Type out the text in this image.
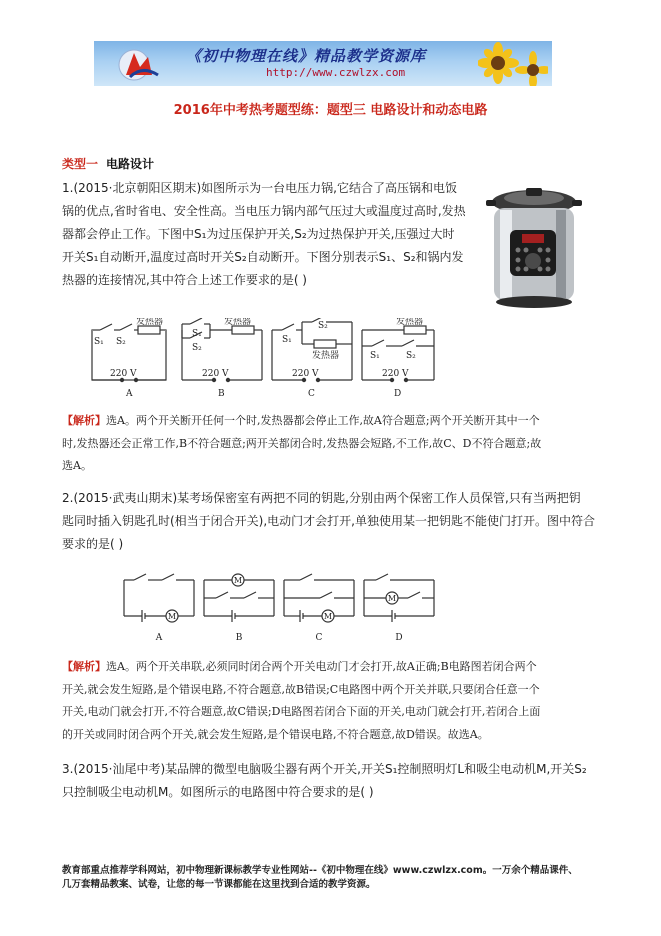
《初中物理在线》精品教学资源库
http://www.czwlzx.com
2016年中考热考题型练：题型三 电路设计和动态电路
类型一 电路设计

1.(2015·北京朝阳区期末)如图所示为一台电压力锅,它结合了高压锅和电饭

锅的优点,省时省电、安全性高。当电压力锅内部气压过大或温度过高时,发热

器都会停止工作。下图中S₁为过压保护开关,S₂为过热保护开关,压强过大时

开关S₁自动断开,温度过高时开关S₂自动断开。下图分别表示S₁、S₂和锅内发

热器的连接情况,其中符合上述工作要求的是( )

发热器
S₁ S₂
220 V
A
发热器
S₁
S₂
220 V
B
S₁
S₂
发热器
220 V
C
发热器
S₁	S₂
220 V
D

【解析】选A。两个开关断开任何一个时,发热器都会停止工作,故A符合题意;两个开关断开其中一个

时,发热器还会正常工作,B不符合题意;两开关都闭合时,发热器会短路,不工作,故C、D不符合题意;故

选A。

2.(2015·武夷山期末)某考场保密室有两把不同的钥匙,分别由两个保密工作人员保管,只有当两把钥

匙同时插入钥匙孔时(相当于闭合开关),电动门才会打开,单独使用某一把钥匙不能使门打开。图中符合

要求的是( )

M
M
M
M
A	B	C	D

【解析】选A。两个开关串联,必须同时闭合两个开关电动门才会打开,故A正确;B电路图若闭合两个

开关,就会发生短路,是个错误电路,不符合题意,故B错误;C电路图中两个开关并联,只要闭合任意一个

开关,电动门就会打开,不符合题意,故C错误;D电路图若闭合下面的开关,电动门就会打开,若闭合上面

的开关或同时闭合两个开关,就会发生短路,是个错误电路,不符合题意,故D错误。故选A。

3.(2015·汕尾中考)某品牌的微型电脑吸尘器有两个开关,开关S₁控制照明灯L和吸尘电动机M,开关S₂

只控制吸尘电动机M。如图所示的电路图中符合要求的是( )

教育部重点推荐学科网站，初中物理新课标教学专业性网站--《初中物理在线》www.czwlzx.com。一万余个精品课件、

几万套精品教案、试卷，让您的每一节课都能在这里找到合适的教学资源。
